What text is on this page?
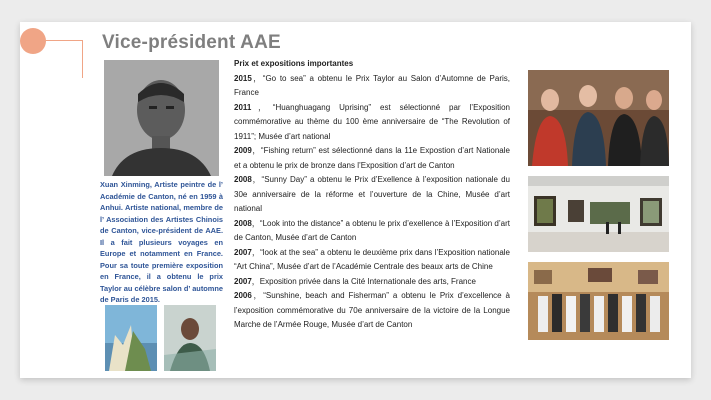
Vice-président AAE
Xuan Xinming, Artiste peintre de l’ Académie de Canton, né en 1959 à Anhui. Artiste national, membre de l’ Association des Artistes Chinois de Canton, vice-président de AAE. Il a fait plusieurs voyages en Europe et notamment en France. Pour sa toute première exposition en France, il a obtenu le prix Taylor au célèbre salon d’ automne de Paris de 2015.
Prix et expositions importantes

2015，“Go to sea” a obtenu le Prix Taylor au Salon d’Automne de Paris, France

2011，“Huanghuagang Uprising” est sélectionné par l’Exposition commémorative au thème du 100 ème anniversaire de “The Revolution of 1911”; Musée d’art national

2009，“Fishing return” est sélectionné dans la 11e Expostion d’art Nationale et a obtenu le prix de bronze dans l’Exposition d’art de Canton

2008，“Sunny Day” a obtenu le Prix d’Exellence à l’exposition nationale du 30e anniversaire de la réforme et l’ouverture de la Chine, Musée d’art national

2008，“Look into the distance” a obtenu le prix d’exellence à l’Exposition d’art de Canton, Musée d’art de Canton

2007，“look at the sea” a obtenu le deuxième prix dans l’Exposition nationale “Art China”, Musée d’art de l’Académie Centrale des beaux arts de Chine

2007，Exposition privée dans la Cité Internationale des arts, France

2006，“Sunshine, beach and Fisherman” a obtenu le Prix d’excellence à l’exposition commémorative du 70e anniversaire de la victoire de la Longue Marche de l’Armée Rouge, Musée d’art de Canton
